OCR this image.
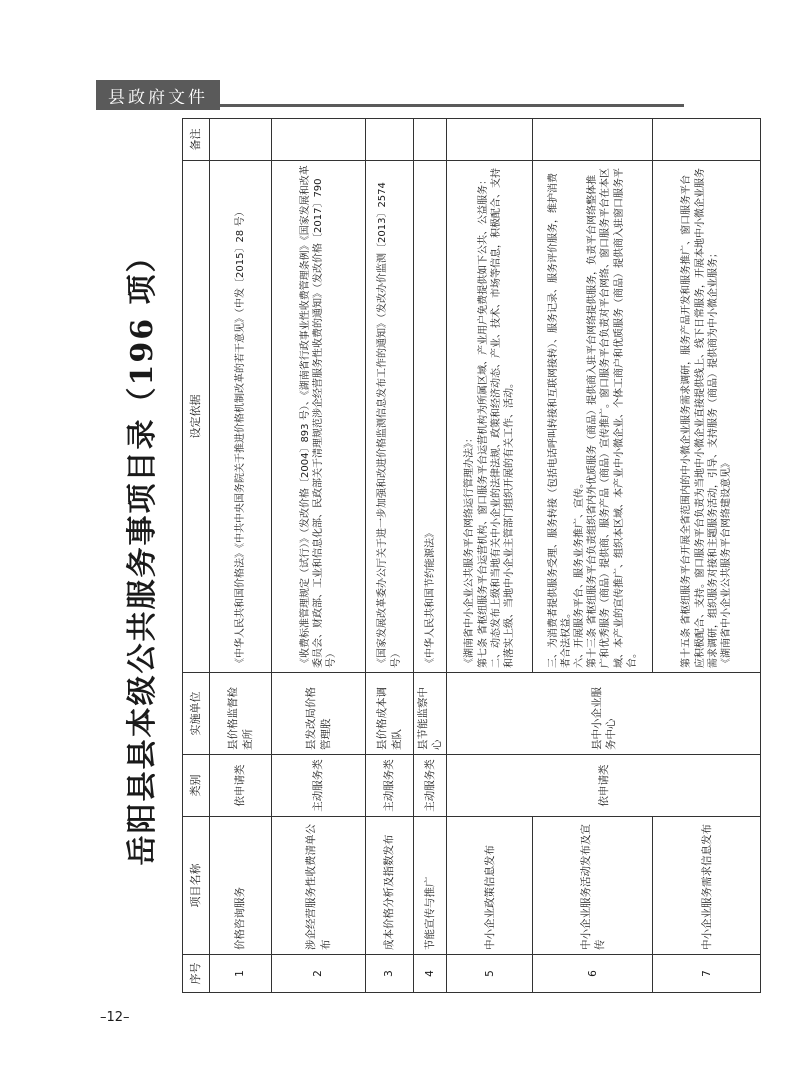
县政府文件
岳阳县县本级公共服务事项目录（196 项）
序号	项目名称	类别	实施单位	设定依据	备注
1	价格咨询服务	依申请类	县价格监督检查所	《中华人民共和国价格法》《中共中央国务院关于推进价格机制改革的若干意见》（中发〔2015〕28 号）	

2	涉企经营服务性收费清单公布	主动服务类	县发改局价格管理股	《收费标准管理规定（试行）》（发改价格〔2004〕893 号）、《湖南省行政事业性收费管理条例》《国家发展和改革委员会、财政部、工业和信息化部、民政部关于清理规范涉企经营服务性收费的通知》（发改价格〔2017〕790 号）	

3	成本价格分析及指数发布	主动服务类	县价格成本调查队	《国家发展改革委办公厅关于进一步加强和改进价格监测信息发布工作的通知》（发改办价监测〔2013〕2574 号）	

4	节能宣传与推广	主动服务类	县节能监察中心	《中华人民共和国节约能源法》	

5	中小企业政策信息发布	依申请类	县中小企业服务中心	《湖南省中小企业公共服务平台网络运行管理办法》： 第七条 省枢纽服务平台运营机构、窗口服务平台运营机构为所属区域、产业用户免费提供如下公共、公益服务： 二、动态发布上级和当地有关中小企业的法律法规、政策和经济动态、产业、技术、市场等信息，积极配合、支持和落实上级、当地中小企业主管部门组织开展的有关工作、活动。	

6	中小企业服务活动发布及宣传			三、为消费者提供服务受理、服务转接（包括电话呼叫转接和互联网接转）、服务记录、服务评价服务，维护消费者合法权益。 六、开展服务平台、服务业务推广、宣传。 第十三条 省枢纽服务平台负责组织省内外优质服务（商品）提供商入驻平台网络提供服务，负责平台网络整体推广和优秀服务（商品）提供商、服务产品（商品）宣传推广。窗口服务平台负责对平台网络、窗口服务平台在本区域、本产业的宣传推广、组织本区域、本产业中小微企业、个体工商户和优质服务（商品）提供商入驻窗口服务平台。	

7	中小企业服务需求信息发布			第十五条 省枢纽服务平台开展全省范围内的中小微企业服务需求调研，服务产品开发和服务推广、窗口服务平台应积极配合、支持。窗口服务平台负责为当地中小微企业直接提供线上、线下日常服务，开展本地中小微企业服务需求调研，组织服务对接和主题服务活动，引导、支持服务（商品）提供商为中小微企业服务； 《湖南省中小企业公共服务平台网络建设意见》	

–12–
